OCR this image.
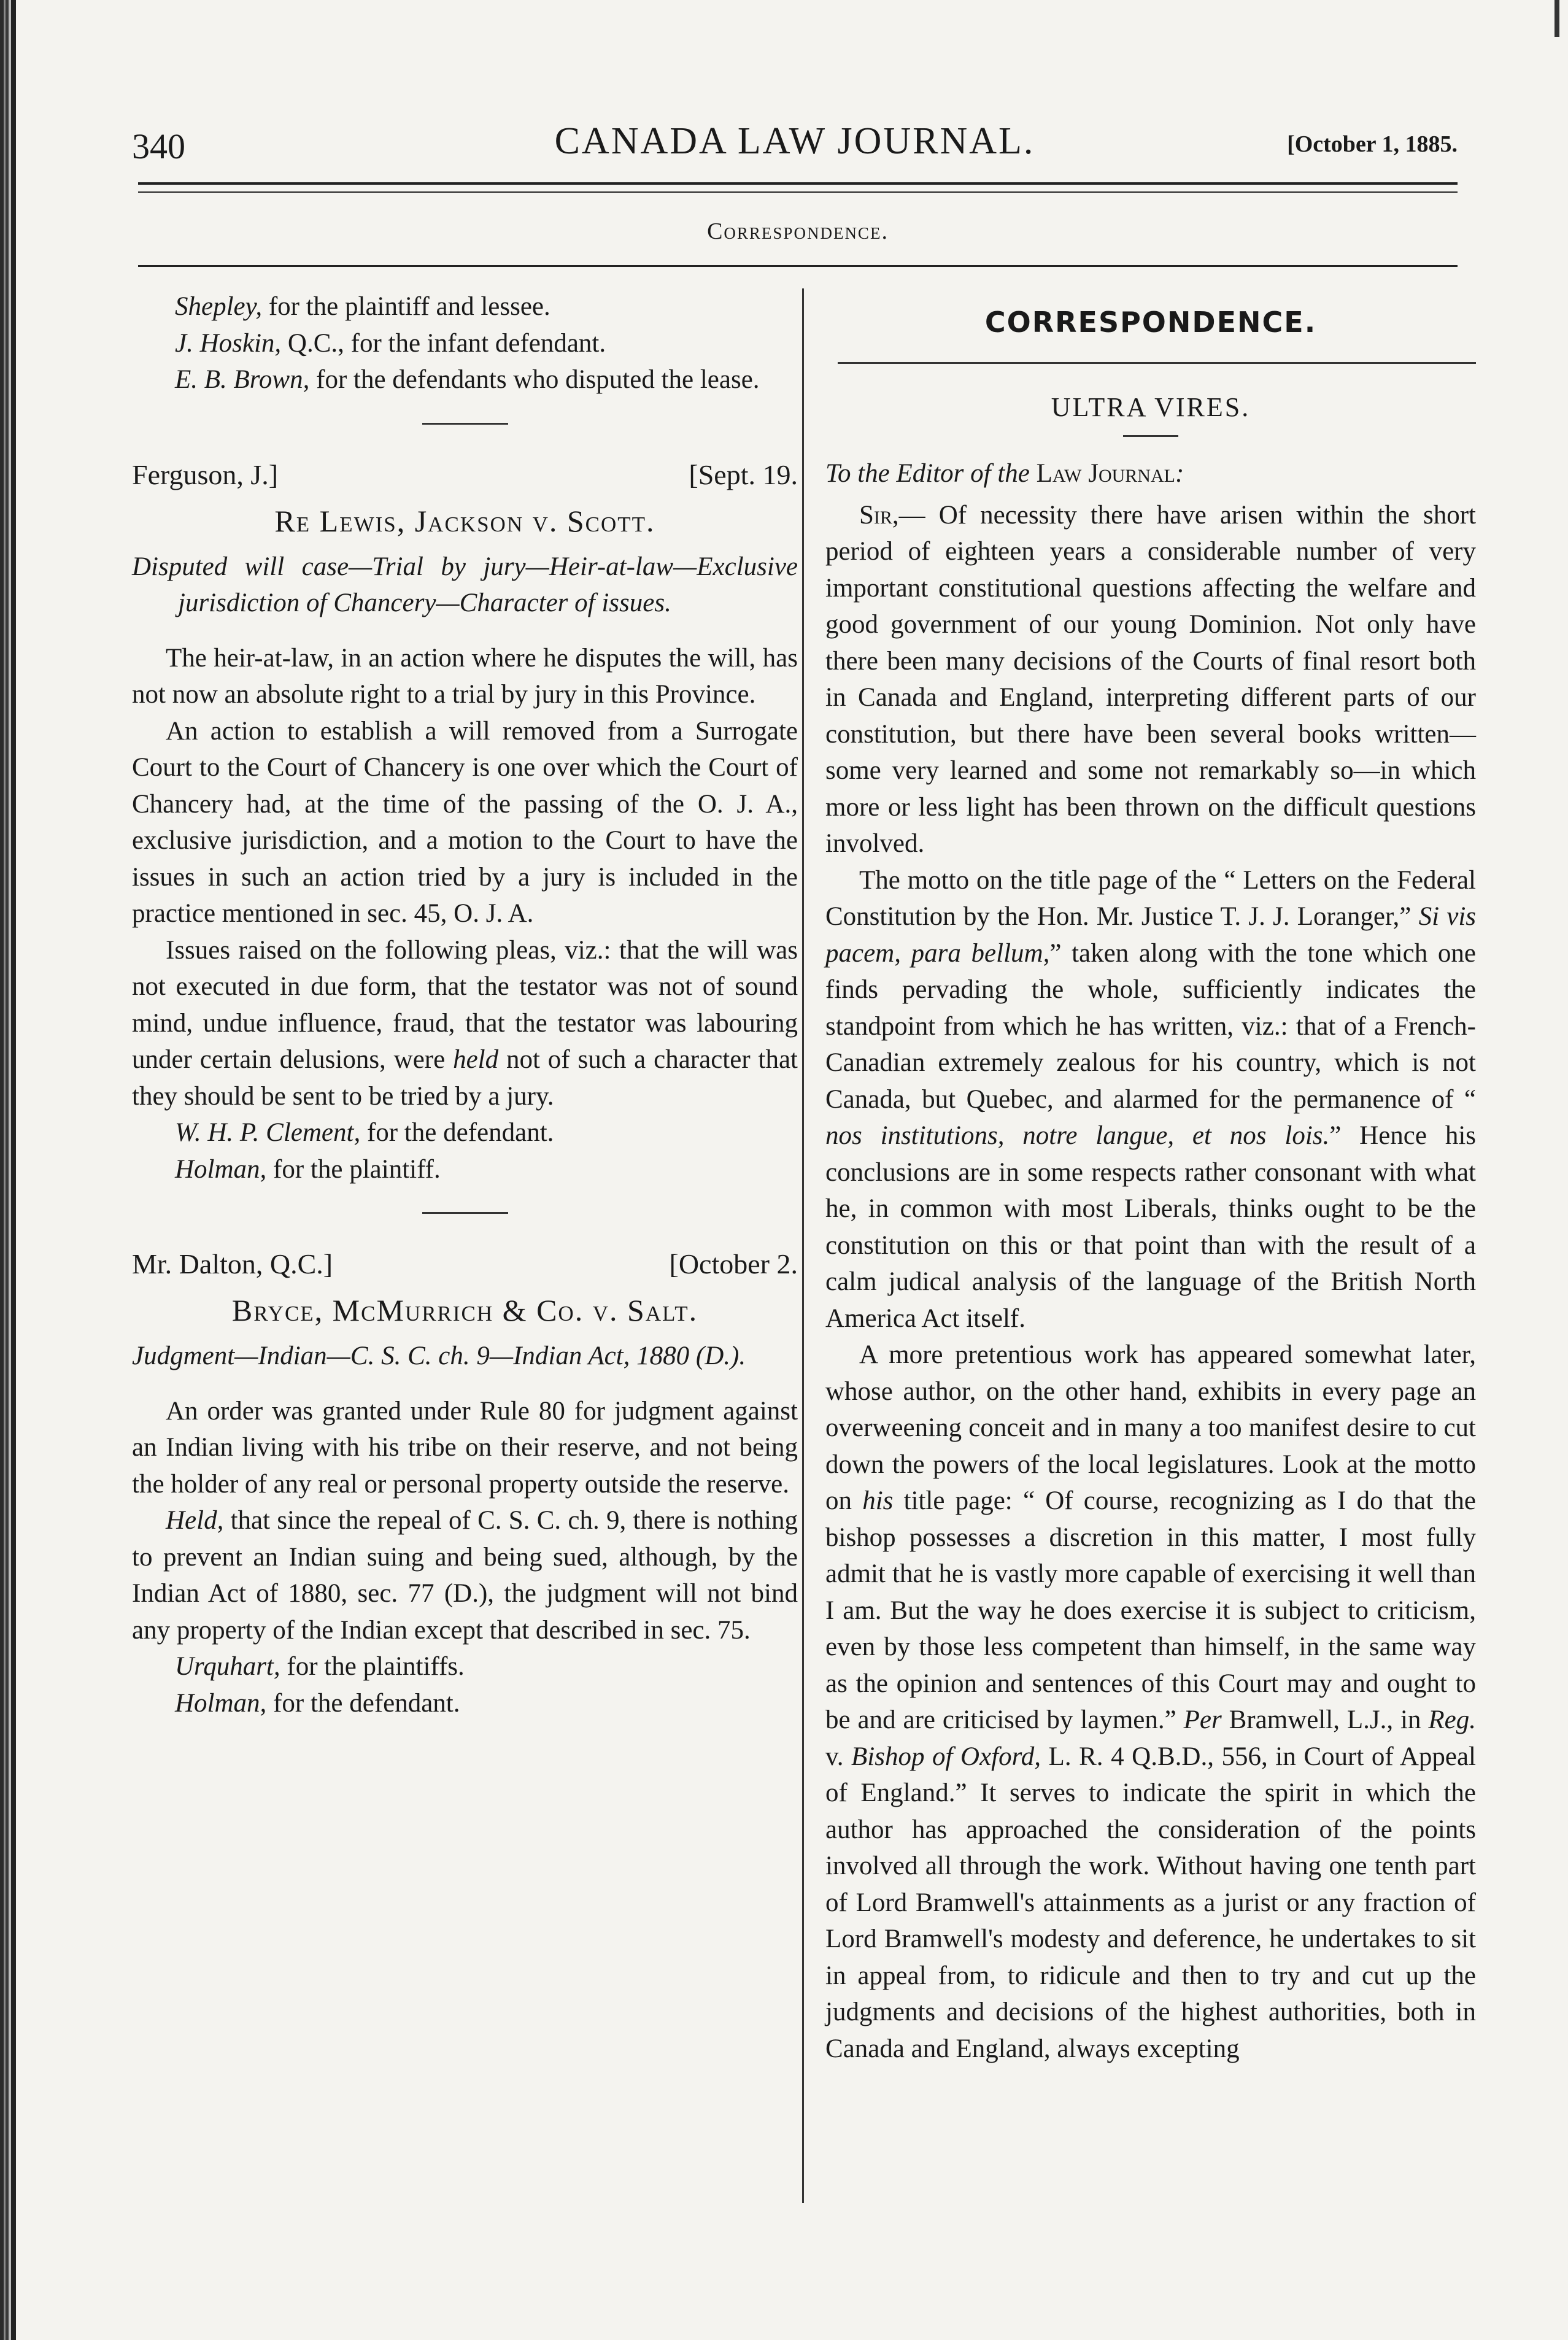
340	CANADA LAW JOURNAL.	[October 1, 1885.
Correspondence.

Shepley, for the plaintiff and lessee.

J. Hoskin, Q.C., for the infant defendant.

E. B. Brown, for the defendants who disputed the lease.

Ferguson, J.]	[Sept. 19.
Re Lewis, Jackson v. Scott.

Disputed will case—Trial by jury—Heir-at-law—Exclusive jurisdiction of Chancery—Character of issues.

The heir-at-law, in an action where he disputes the will, has not now an absolute right to a trial by jury in this Province.

An action to establish a will removed from a Surrogate Court to the Court of Chancery is one over which the Court of Chancery had, at the time of the passing of the O. J. A., exclusive jurisdiction, and a motion to the Court to have the issues in such an action tried by a jury is included in the practice mentioned in sec. 45, O. J. A.

Issues raised on the following pleas, viz.: that the will was not executed in due form, that the testator was not of sound mind, undue influence, fraud, that the testator was labouring under certain delusions, were held not of such a character that they should be sent to be tried by a jury.

W. H. P. Clement, for the defendant.

Holman, for the plaintiff.

Mr. Dalton, Q.C.]	[October 2.
Bryce, McMurrich & Co. v. Salt.

Judgment—Indian—C. S. C. ch. 9—Indian Act, 1880 (D.).

An order was granted under Rule 80 for judgment against an Indian living with his tribe on their reserve, and not being the holder of any real or personal property outside the reserve.

Held, that since the repeal of C. S. C. ch. 9, there is nothing to prevent an Indian suing and being sued, although, by the Indian Act of 1880, sec. 77 (D.), the judgment will not bind any property of the Indian except that described in sec. 75.

Urquhart, for the plaintiffs.

Holman, for the defendant.

CORRESPONDENCE.
ULTRA VIRES.

To the Editor of the Law Journal:

Sir,— Of necessity there have arisen within the short period of eighteen years a considerable number of very important constitutional questions affecting the welfare and good government of our young Dominion. Not only have there been many decisions of the Courts of final resort both in Canada and England, interpreting different parts of our constitution, but there have been several books written—some very learned and some not remarkably so—in which more or less light has been thrown on the difficult questions involved.

The motto on the title page of the “ Letters on the Federal Constitution by the Hon. Mr. Justice T. J. J. Loranger,” Si vis pacem, para bellum,” taken along with the tone which one finds pervading the whole, sufficiently indicates the standpoint from which he has written, viz.: that of a French-Canadian extremely zealous for his country, which is not Canada, but Quebec, and alarmed for the permanence of “ nos institutions, notre langue, et nos lois.” Hence his conclusions are in some respects rather consonant with what he, in common with most Liberals, thinks ought to be the constitution on this or that point than with the result of a calm judical analysis of the language of the British North America Act itself.

A more pretentious work has appeared somewhat later, whose author, on the other hand, exhibits in every page an overweening conceit and in many a too manifest desire to cut down the powers of the local legislatures. Look at the motto on his title page: “ Of course, recognizing as I do that the bishop possesses a discretion in this matter, I most fully admit that he is vastly more capable of exercising it well than I am. But the way he does exercise it is subject to criticism, even by those less competent than himself, in the same way as the opinion and sentences of this Court may and ought to be and are criticised by laymen.” Per Bramwell, L.J., in Reg. v. Bishop of Oxford, L. R. 4 Q.B.D., 556, in Court of Appeal of England.” It serves to indicate the spirit in which the author has approached the consideration of the points involved all through the work. Without having one tenth part of Lord Bramwell's attainments as a jurist or any fraction of Lord Bramwell's modesty and deference, he undertakes to sit in appeal from, to ridicule and then to try and cut up the judgments and decisions of the highest authorities, both in Canada and England, always excepting
